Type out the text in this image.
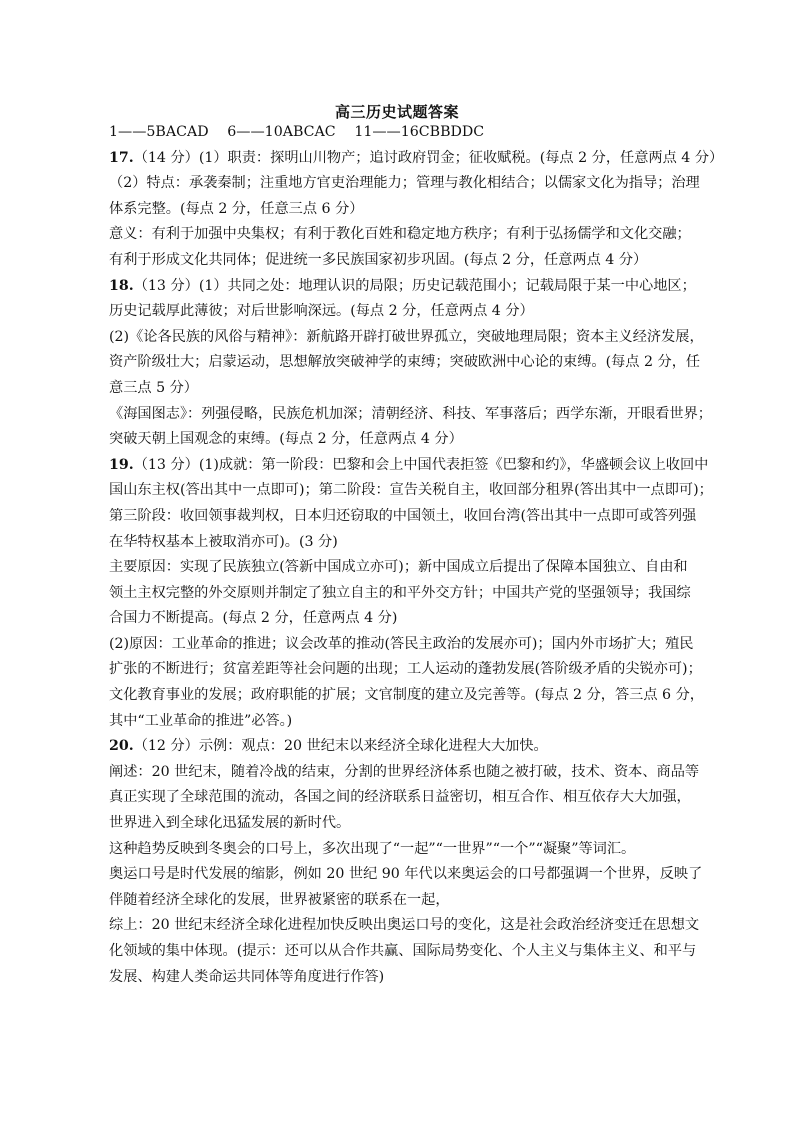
高三历史试题答案
1——5BACAD　 6——10ABCAC　 11——16CBBDDC
17.（14 分）(1）职责：探明山川物产；追讨政府罚金；征收赋税。(每点 2 分，任意两点 4 分）
（2）特点：承袭秦制；注重地方官吏治理能力；管理与教化相结合；以儒家文化为指导；治理
体系完整。(每点 2 分，任意三点 6 分）
意义：有利于加强中央集权；有利于教化百姓和稳定地方秩序；有利于弘扬儒学和文化交融；
有利于形成文化共同体；促进统一多民族国家初步巩固。(每点 2 分，任意两点 4 分）
18.（13 分）(1）共同之处：地理认识的局限；历史记载范围小；记载局限于某一中心地区；
历史记载厚此薄彼；对后世影响深远。(每点 2 分，任意两点 4 分）
(2)《论各民族的风俗与精神》：新航路开辟打破世界孤立，突破地理局限；资本主义经济发展，
资产阶级壮大；启蒙运动，思想解放突破神学的束缚；突破欧洲中心论的束缚。(每点 2 分，任
意三点 5 分）
《海国图志》：列强侵略，民族危机加深；清朝经济、科技、军事落后；西学东渐，开眼看世界；
突破天朝上国观念的束缚。(每点 2 分，任意两点 4 分）
19.（13 分）(1)成就：第一阶段：巴黎和会上中国代表拒签《巴黎和约》，华盛顿会议上收回中
国山东主权(答出其中一点即可)；第二阶段：宣告关税自主，收回部分租界(答出其中一点即可)；
第三阶段：收回领事裁判权，日本归还窃取的中国领土，收回台湾(答出其中一点即可或答列强
在华特权基本上被取消亦可)。(3 分)
主要原因：实现了民族独立(答新中国成立亦可)；新中国成立后提出了保障本国独立、自由和
领土主权完整的外交原则并制定了独立自主的和平外交方针；中国共产党的坚强领导；我国综
合国力不断提高。(每点 2 分，任意两点 4 分)
(2)原因：工业革命的推进；议会改革的推动(答民主政治的发展亦可)；国内外市场扩大；殖民
扩张的不断进行；贫富差距等社会问题的出现；工人运动的蓬勃发展(答阶级矛盾的尖锐亦可)；
文化教育事业的发展；政府职能的扩展；文官制度的建立及完善等。(每点 2 分，答三点 6 分，
其中“工业革命的推进”必答。)
20.（12 分）示例：观点：20 世纪末以来经济全球化进程大大加快。
阐述：20 世纪末，随着冷战的结束，分割的世界经济体系也随之被打破，技术、资本、商品等
真正实现了全球范围的流动，各国之间的经济联系日益密切，相互合作、相互依存大大加强，
世界进入到全球化迅猛发展的新时代。
这种趋势反映到冬奥会的口号上，多次出现了“一起”“一世界”“一个”“凝聚”等词汇。
奥运口号是时代发展的缩影，例如 20 世纪 90 年代以来奥运会的口号都强调一个世界，反映了
伴随着经济全球化的发展，世界被紧密的联系在一起，
综上：20 世纪末经济全球化进程加快反映出奥运口号的变化，这是社会政治经济变迁在思想文
化领域的集中体现。(提示：还可以从合作共赢、国际局势变化、个人主义与集体主义、和平与
发展、构建人类命运共同体等角度进行作答)
